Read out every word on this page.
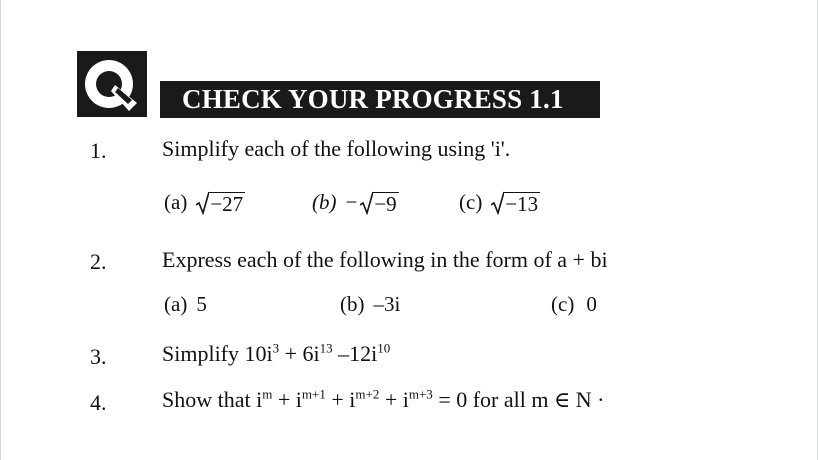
CHECK YOUR PROGRESS 1.1
1.	Simplify each of the following using 'i'.
(a) −27	(b) − −9	(c) −13
2.	Express each of the following in the form of a + bi
(a) 5	(b) –3i	(c) 0
3.	Simplify $10i^3 + 6i^{13}$ $-12i^{10}$
4.	Show that $i^m + i^{m+1} + i^{m+2} + i^{m+3} = 0$ for all m ∈ N ·
